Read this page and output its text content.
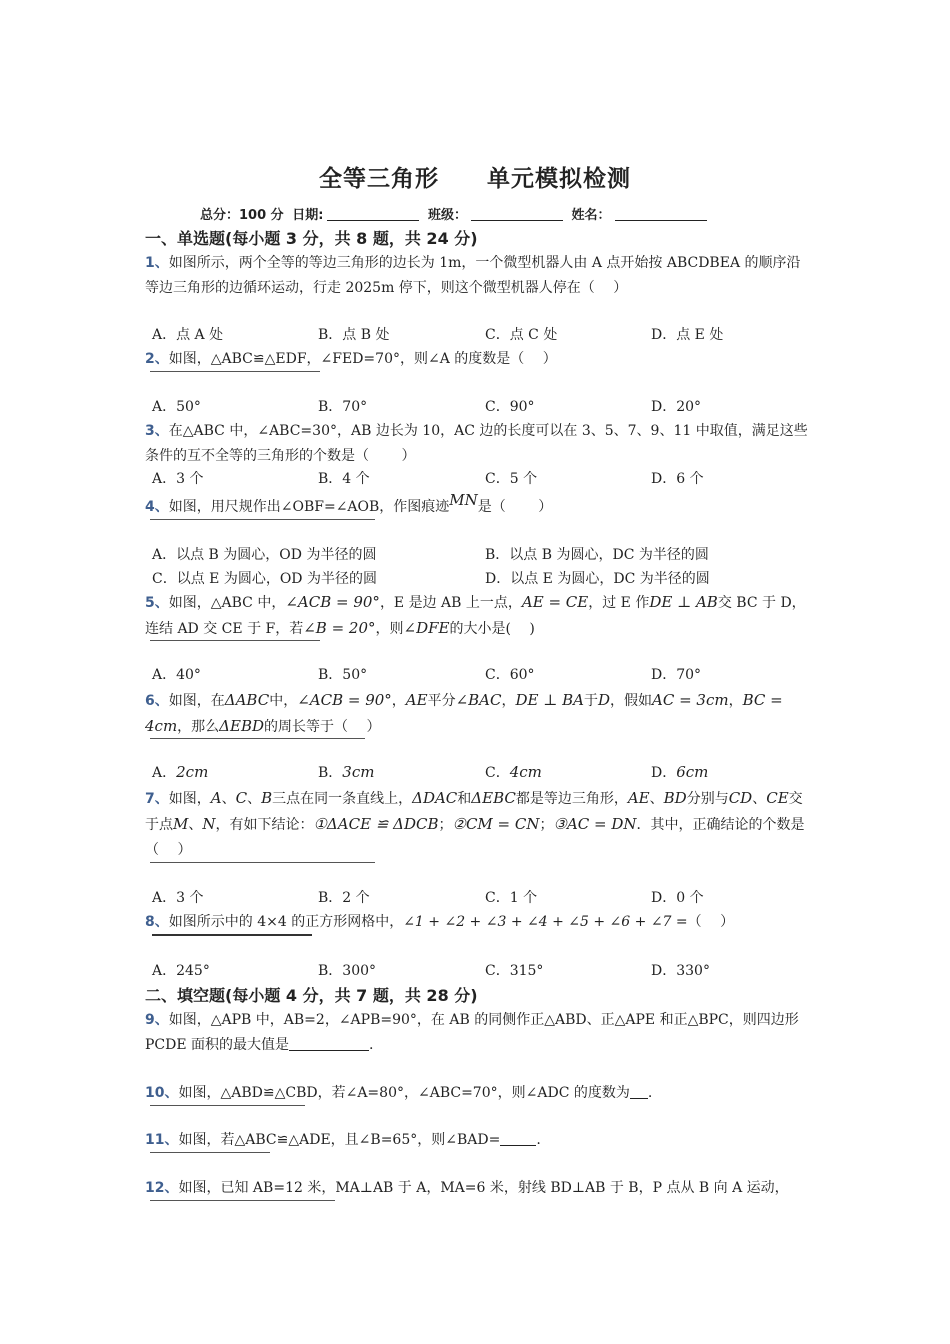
全等三角形 单元模拟检测
总分：100 分 日期:	班级：	姓名：
一、单选题(每小题 3 分，共 8 题，共 24 分)
1、如图所示，两个全等的等边三角形的边长为 1m，一个微型机器人由 A 点开始按 ABCDBEA 的顺序沿等边三角形的边循环运动，行走 2025m 停下，则这个微型机器人停在（　 ）
A．点 A 处	B．点 B 处	C．点 C 处	D．点 E 处
2、如图，△ABC≌△EDF，∠FED=70°，则∠A 的度数是（　 ）
A．50°	B．70°	C．90°	D．20°
3、在△ABC 中，∠ABC=30°，AB 边长为 10，AC 边的长度可以在 3、5、7、9、11 中取值，满足这些条件的互不全等的三角形的个数是（　　 ）
A．3 个	B．4 个	C．5 个	D．6 个
4、如图，用尺规作出∠OBF=∠AOB，作图痕迹MN是（　　 ）
A．以点 B 为圆心，OD 为半径的圆	B．以点 B 为圆心，DC 为半径的圆
C．以点 E 为圆心，OD 为半径的圆	D．以点 E 为圆心，DC 为半径的圆
5、如图，△ABC 中，∠ACB = 90°，E 是边 AB 上一点，AE = CE，过 E 作DE ⊥ AB交 BC 于 D，连结 AD 交 CE 于 F，若∠B = 20°，则∠DFE的大小是(　 )
A．40°	B．50°	C．60°	D．70°
6、如图，在ΔABC中，∠ACB = 90°，AE平分∠BAC，DE ⊥ BA于D，假如AC = 3cm，BC = 4cm，那么ΔEBD的周长等于（　 ）
A．2cm	B．3cm	C．4cm	D．6cm
7、如图，A、C、B三点在同一条直线上，ΔDAC和ΔEBC都是等边三角形，AE、BD分别与CD、CE交于点M、N，有如下结论：①ΔACE ≌ ΔDCB；②CM = CN；③AC = DN．其中，正确结论的个数是（　 ）
A．3 个	B．2 个	C．1 个	D．0 个
8、如图所示中的 4×4 的正方形网格中，∠1 + ∠2 + ∠3 + ∠4 + ∠5 + ∠6 + ∠7 =（　 ）
A．245°	B．300°	C．315°	D．330°
二、填空题(每小题 4 分，共 7 题，共 28 分)
9、如图，△APB 中，AB=2，∠APB=90°，在 AB 的同侧作正△ABD、正△APE 和正△BPC，则四边形 PCDE 面积的最大值是	.
10、如图，△ABD≌△CBD，若∠A=80°，∠ABC=70°，则∠ADC 的度数为 .
11、如图，若△ABC≌△ADE，且∠B=65°，则∠BAD=	.
12、如图，已知 AB=12 米，MA⊥AB 于 A，MA=6 米，射线 BD⊥AB 于 B，P 点从 B 向 A 运动，
